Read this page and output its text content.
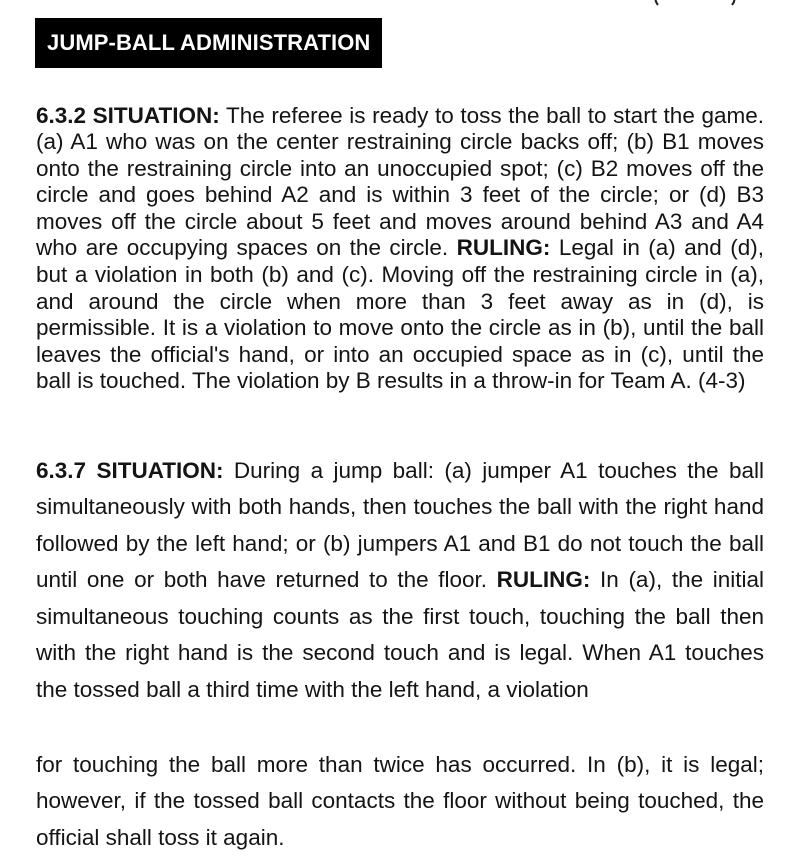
JUMP-BALL ADMINISTRATION

6.3.2 SITUATION: The referee is ready to toss the ball to start the game. (a) A1 who was on the center restraining circle backs off; (b) B1 moves onto the restraining circle into an unoccupied spot; (c) B2 moves off the circle and goes behind A2 and is within 3 feet of the circle; or (d) B3 moves off the circle about 5 feet and moves around behind A3 and A4 who are occupying spaces on the circle. RULING: Legal in (a) and (d), but a violation in both (b) and (c). Moving off the restraining circle in (a), and around the circle when more than 3 feet away as in (d), is permissible. It is a violation to move onto the circle as in (b), until the ball leaves the official's hand, or into an occupied space as in (c), until the ball is touched. The violation by B results in a throw-in for Team A. (4-3)

6.3.7 SITUATION: During a jump ball: (a) jumper A1 touches the ball simultaneously with both hands, then touches the ball with the right hand followed by the left hand; or (b) jumpers A1 and B1 do not touch the ball until one or both have returned to the floor. RULING: In (a), the initial simultaneous touching counts as the first touch, touching the ball then with the right hand is the second touch and is legal. When A1 touches the tossed ball a third time with the left hand, a violation

for touching the ball more than twice has occurred. In (b), it is legal; however, if the tossed ball contacts the floor without being touched, the official shall toss it again.
